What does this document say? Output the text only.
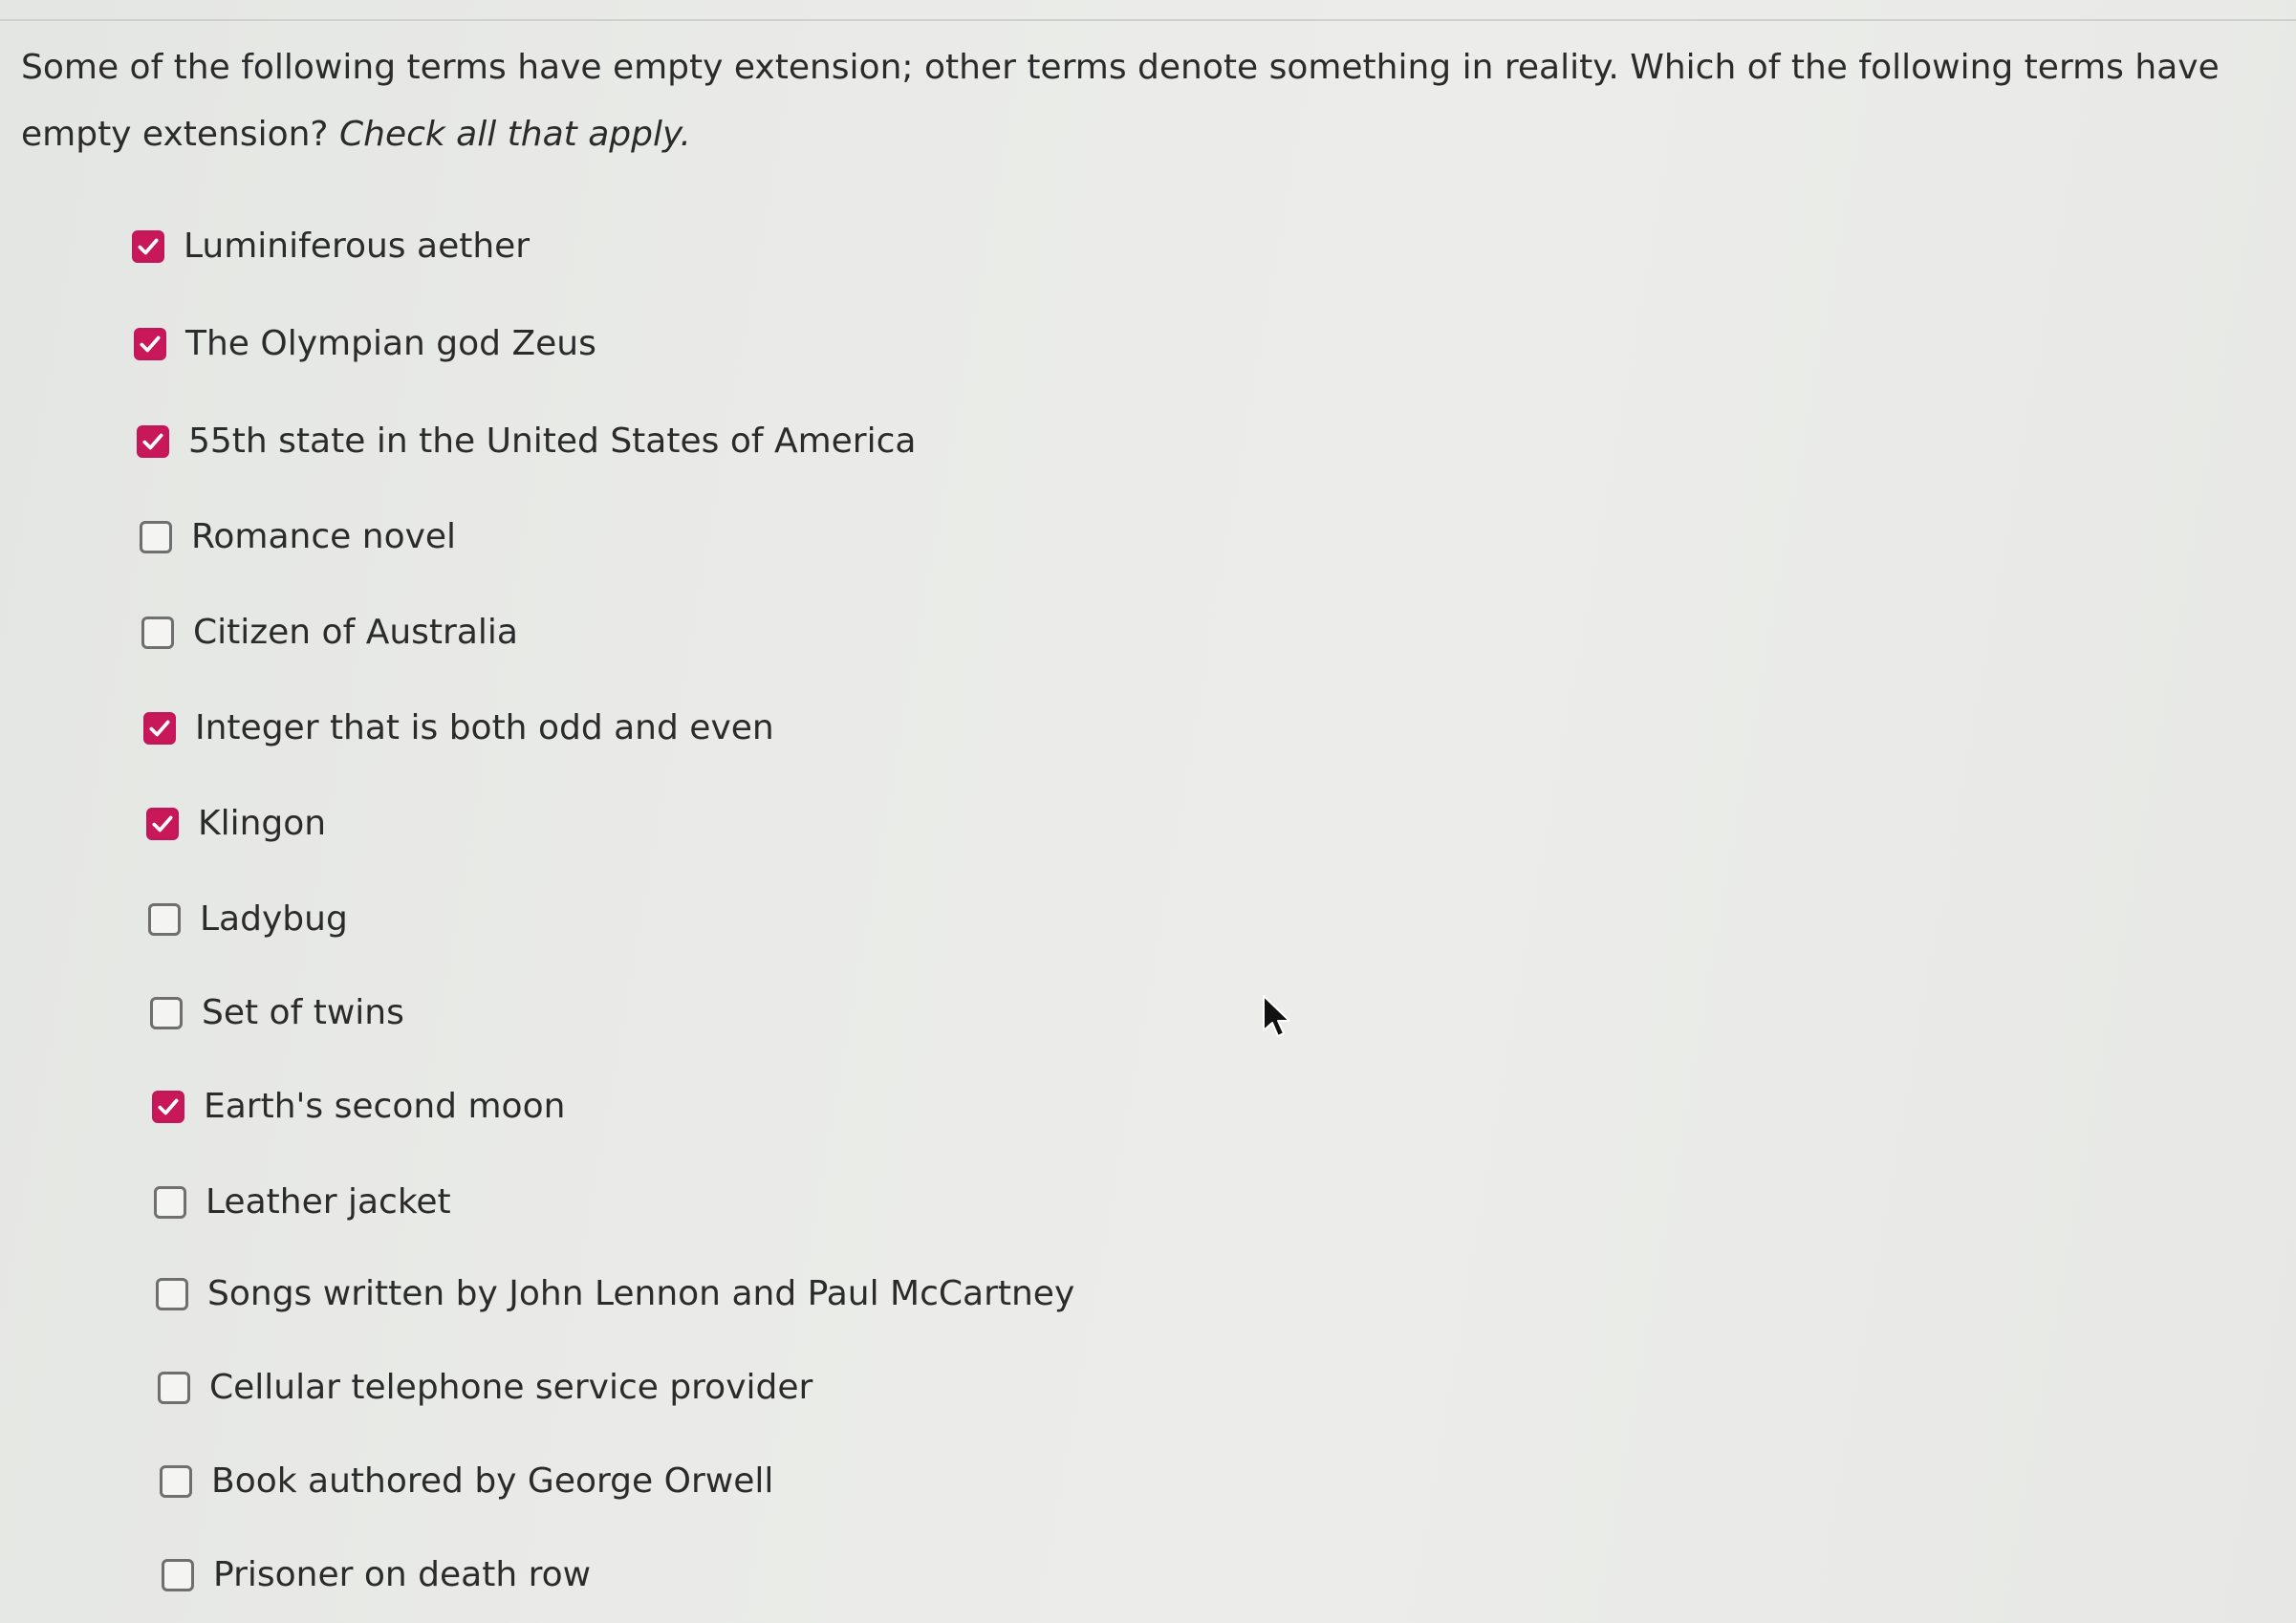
Some of the following terms have empty extension; other terms denote something in reality. Which of the following terms have empty extension? Check all that apply.

Luminiferous aether
The Olympian god Zeus
55th state in the United States of America
Romance novel
Citizen of Australia
Integer that is both odd and even
Klingon
Ladybug
Set of twins
Earth's second moon
Leather jacket
Songs written by John Lennon and Paul McCartney
Cellular telephone service provider
Book authored by George Orwell
Prisoner on death row
